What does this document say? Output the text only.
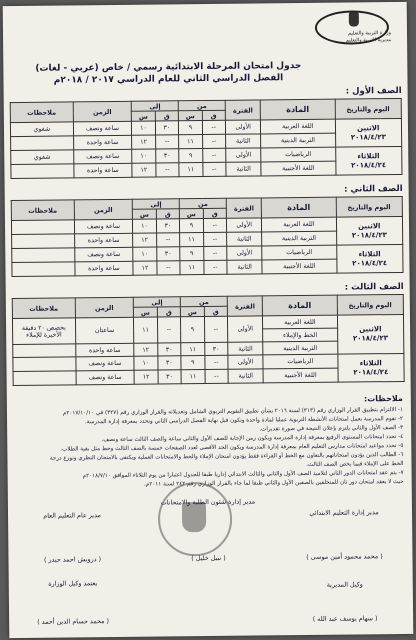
وزارة التربية والتعليم
مديرية التربية والتعليم
جدول امتحان المرحلة الابتدائية رسمي / خاص (عربي - لغات)
الفصل الدراسي الثاني للعام الدراسي ٢٠١٧ / ٢٠١٨م
الصف الأول :
اليوم والتاريخ	المادة	الفترة	من		إلى		الزمن	ملاحظات
			ق	س	ق	س		

الاثنين
٢٠١٨/٤/٢٣	اللغة العربية	الأولى	--	٩	٣٠	١٠	ساعة ونصف	شفوي
	التربية الدينية	الثانية	--	١١	--	١٢	ساعة واحدة	

الثلاثاء
٢٠١٨/٤/٢٤	الرياضيات	الأولى	--	٩	٣٠	١٠	ساعة ونصف	شفوي
	اللغة الأجنبية	الثانية	--	١١	--	١٢	ساعة واحدة	
الصف الثاني :
اليوم والتاريخ	المادة	الفترة	من		إلى		الزمن	ملاحظات
			ق	س	ق	س		

الاثنين
٢٠١٨/٤/٢٣	اللغة العربية	الأولى	--	٩	٣٠	١٠	ساعة ونصف	
	التربية الدينية	الثانية	--	١١	--	١٢	ساعة واحدة	

الثلاثاء
٢٠١٨/٤/٢٤	الرياضيات	الأولى	--	٩	٣٠	١٠	ساعة ونصف	
	اللغة الأجنبية	الثانية	--	١١	--	١٢	ساعة واحدة	
الصف الثالث :
اليوم والتاريخ	المادة	الفترة	من		إلى		الزمن	ملاحظات
			ق	س	ق	س		

الاثنين
٢٠١٨/٤/٢٣	اللغة العربية	الأولى	--	٩	--	١١	ساعتان	بخصص ٢٠ دقيقة الأخيرة للإملاء
	الخط والإملاء							
	التربية الدينية	الثانية	٣٠	١١	٣٠	١٢	ساعة واحدة	

الثلاثاء
٢٠١٨/٤/٢٤	الرياضيات	الأولى	--	٩	٣٠	١٠	ساعة ونصف	
	اللغة الأجنبية	الثانية	--	١١	٣٠	١٢	ساعة ونصف	
ملاحظات:
١- الالتزام بتطبيق القرار الوزاري رقم (٣١٣) لسنة ٢٠١٦ بشأن تطبيق التقويم التربوي الشامل وتعديلاته والقرار الوزاري رقم (٣٢٧) في ٢٠١٧/١٠/١٠م
٢- تقوم المدرسة بعمل امتحانات الأنشطة التربوية عمليا لمادة واحدة وتكون قبل نهاية الفصل الدراسي الثاني وتحدد بمعرفة إدارة المدرسة.
٣- الصف الأول والثاني يلتزم بإعلان النتيجة في صورة تقديرات.
٤- تحدد امتحانات المستوى الرفيع بمعرفة إدارة المدرسة ويكون زمن الإجابة للصف الأول والثاني ساعة والصف الثالث ساعة ونصف.
٥- تحدد مواعيد امتحانات مدارس التعليم العام بمعرفة إدارة المدرسة ويكون الحد الأقصى لعدد الصفحات خمسة بالصف الثالث وخط مثل بقية الطلاب.
٦- الطالب الذين يؤدون امتحاناتهم بالتعاون مع الخط أو القراءة فقط يؤدون امتحان الإملاء والخط والامتحانات العملية ويكتفى بالامتحان النظري ونوزع درجة
الخط على الإملاء فيما يخص الصف الثالث.
٧- يتم عقد امتحانات الدور الثاني لتلاميذ الصف الأول والثاني والثالث الابتدائي إداريا طبقا للجدول اعتبارا من يوم الثلاثاء الموافق ٢٠١٨/٧/١٠م
حيث لا يعقد امتحان دور ثان للمتخلفين بالصفين الأول والثاني طبقا لما جاء بالقرار الوزاري رقم ٢٤٢ لسنة ٢٠١١م.
مدير عام التعليم العام
( درويش احمد حيدر )
مدير إدارة شئون الطلبة والامتحانات
( نبيل خليل )
مدير إدارة التعليم الابتدائي
( محمد محمود أمين موسى )
يعتمد وكيل الوزارة
( محمد حسام الدين أحمد )
وكيل المديرية
( سهام يوسف عبد الله )
